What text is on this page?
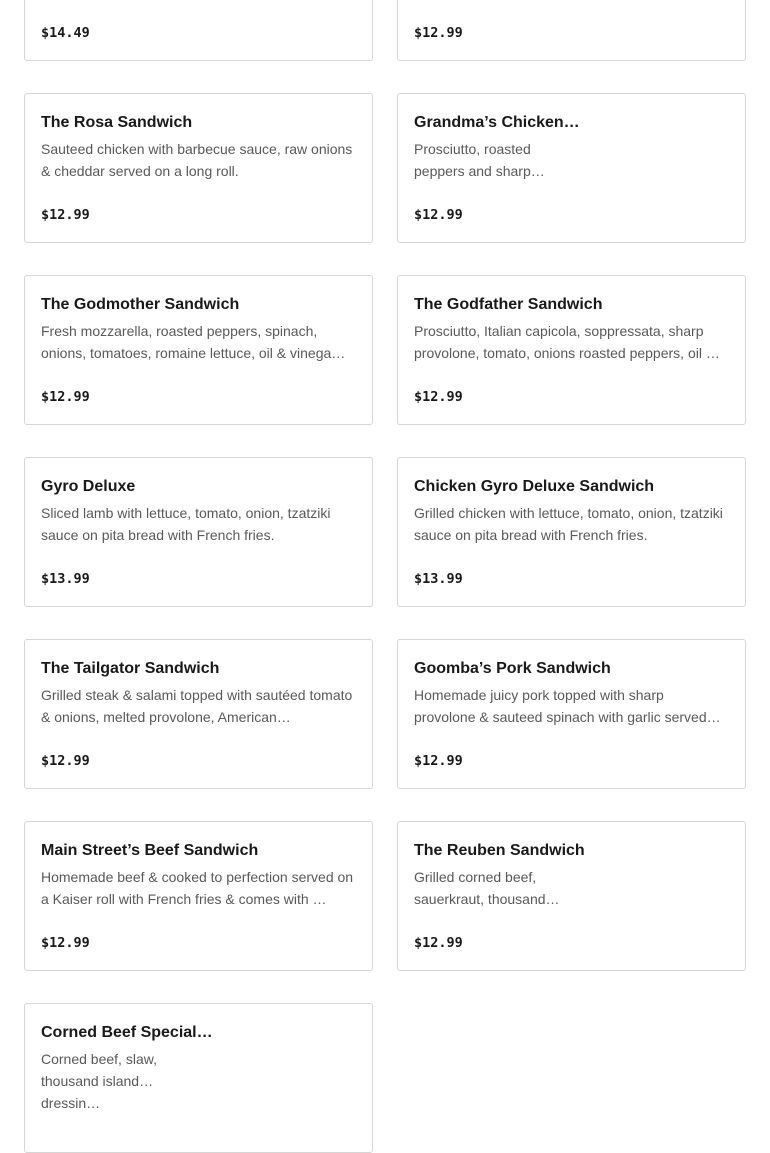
$14.49	$12.99
The Rosa Sandwich
Sauteed chicken with barbecue sauce, raw onions & cheddar served on a long roll.
$12.99
Grandma’s Chicken…
Prosciutto, roasted peppers and sharp…
$12.99
The Godmother Sandwich
Fresh mozzarella, roasted peppers, spinach, onions, tomatoes, romaine lettuce, oil & vinega…
$12.99
The Godfather Sandwich
Prosciutto, Italian capicola, soppressata, sharp provolone, tomato, onions roasted peppers, oil …
$12.99
Gyro Deluxe
Sliced lamb with lettuce, tomato, onion, tzatziki sauce on pita bread with French fries.
$13.99
Chicken Gyro Deluxe Sandwich
Grilled chicken with lettuce, tomato, onion, tzatziki sauce on pita bread with French fries.
$13.99
The Tailgator Sandwich
Grilled steak & salami topped with sautéed tomato & onions, melted provolone, American…
$12.99
Goomba’s Pork Sandwich
Homemade juicy pork topped with sharp provolone & sauteed spinach with garlic served…
$12.99
Main Street’s Beef Sandwich
Homemade beef & cooked to perfection served on a Kaiser roll with French fries & comes with …
$12.99
The Reuben Sandwich
Grilled corned beef, sauerkraut, thousand…
$12.99
Corned Beef Special…
Corned beef, slaw, thousand island dressin…
